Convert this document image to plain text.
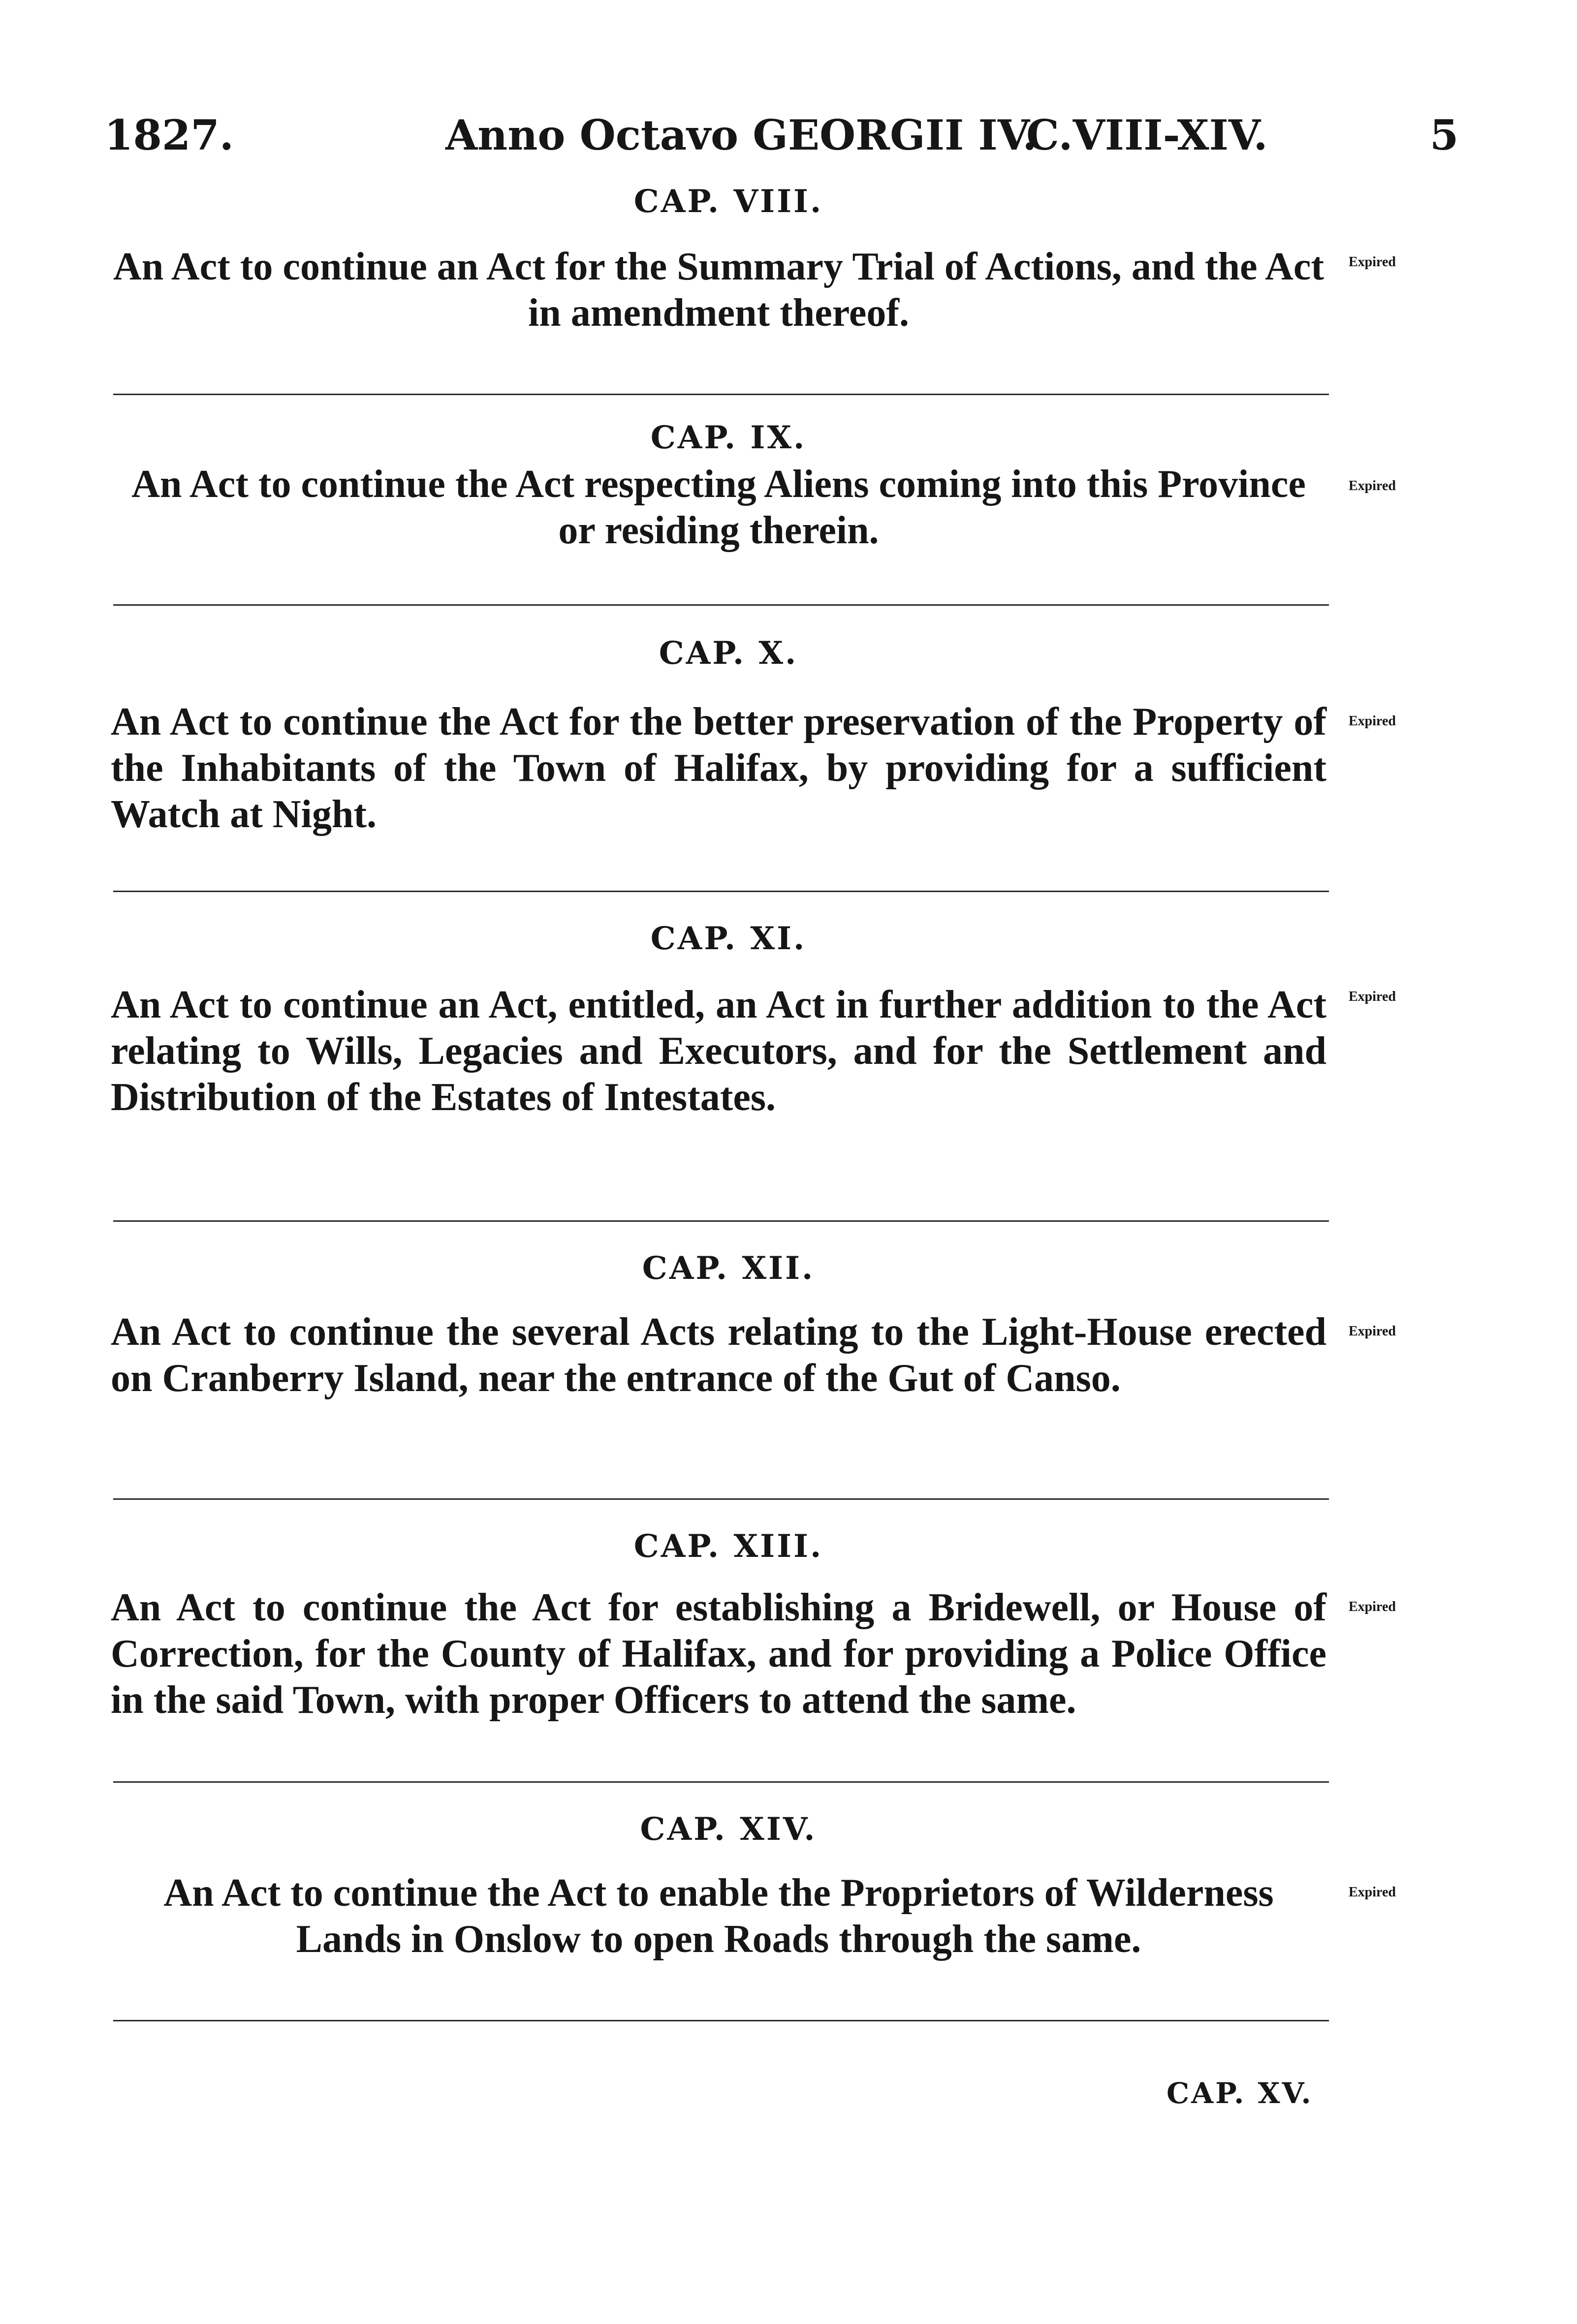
1827.	Anno Octavo GEORGII IV.
C.VIII-XIV.	5
CAP. VIII.

An Act to continue an Act for the Summary Trial of Actions, and the Act in amendment thereof.

Expired
CAP. IX.

An Act to continue the Act respecting Aliens coming into this Province or residing therein.

Expired
CAP. X.

An Act to continue the Act for the better preservation of the Property of the Inhabitants of the Town of Halifax, by providing for a sufficient Watch at Night.

Expired
CAP. XI.

An Act to continue an Act, entitled, an Act in further addition to the Act relating to Wills, Legacies and Executors, and for the Settlement and Distribution of the Estates of Intestates.

Expired
CAP. XII.

An Act to continue the several Acts relating to the Light-House erected on Cranberry Island, near the entrance of the Gut of Canso.

Expired
CAP. XIII.

An Act to continue the Act for establishing a Bridewell, or House of Correction, for the County of Halifax, and for providing a Police Office in the said Town, with proper Officers to attend the same.

Expired
CAP. XIV.

An Act to continue the Act to enable the Proprietors of Wilderness Lands in Onslow to open Roads through the same.

Expired
CAP. XV.
